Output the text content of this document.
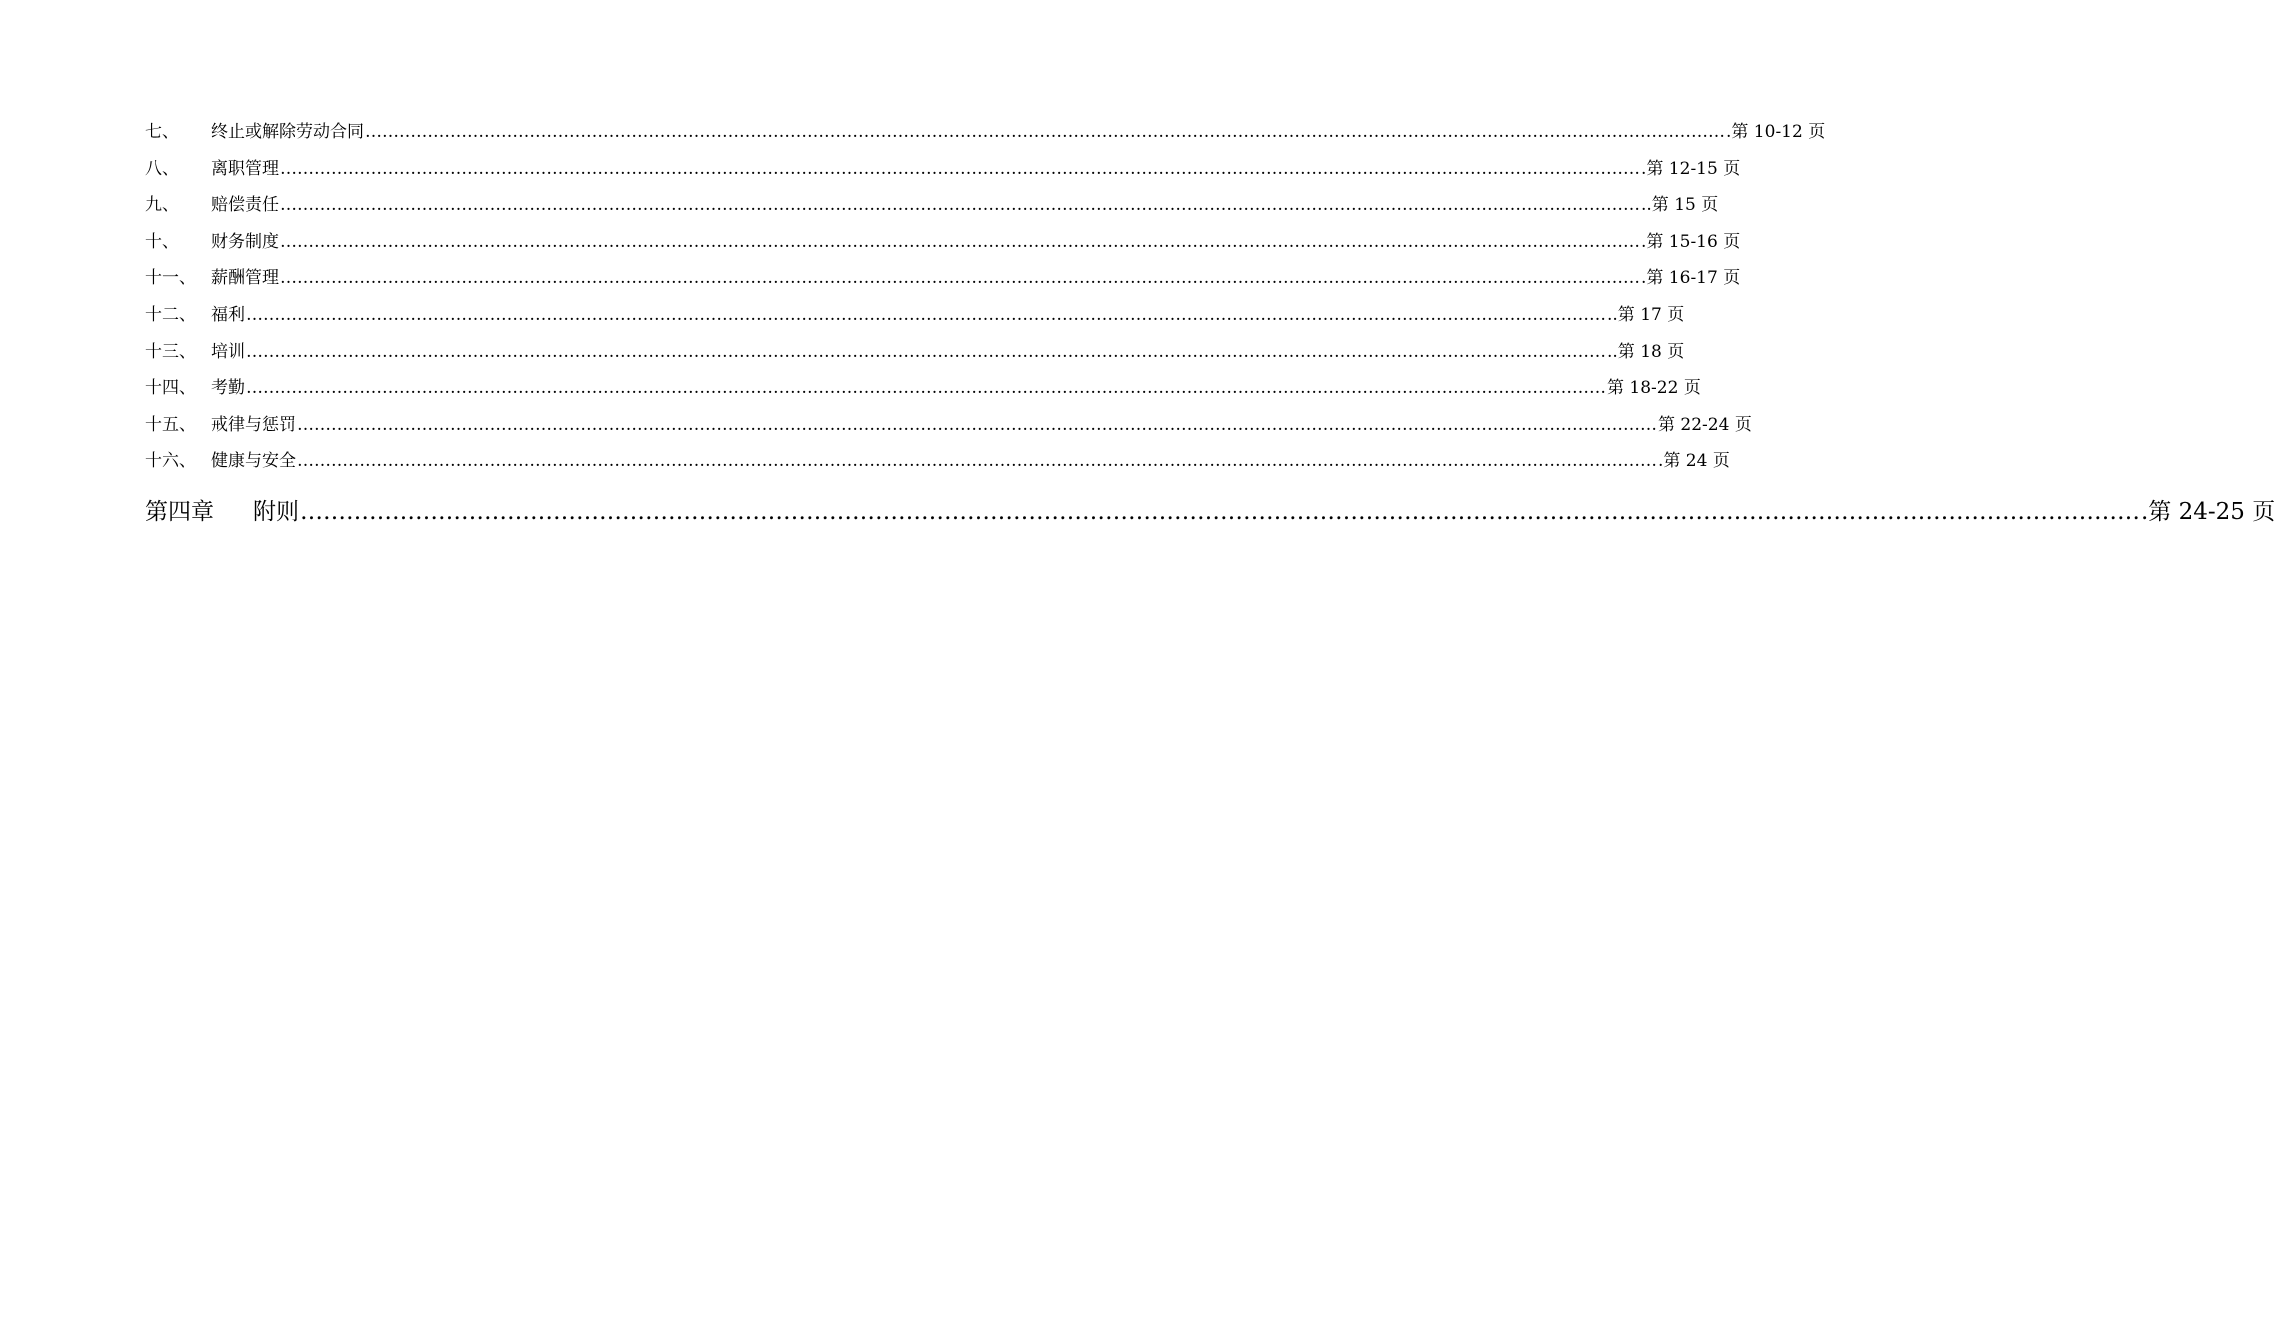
七、	终止或解除劳动合同 …………………………………………………………………………………………………………………………………………………………………………………………………………………… .第 10-12 页
八、	离职管理 …………………………………………………………………………………………………………………………………………………………………………………………………………………… .第 12-15 页
九、	赔偿责任 …………………………………………………………………………………………………………………………………………………………………………………………………………………… ..第 15 页
十、	财务制度 …………………………………………………………………………………………………………………………………………………………………………………………………………………… .第 15-16 页
十一、 薪酬管理 …………………………………………………………………………………………………………………………………………………………………………………………………………………… .第 16-17 页
十二、 福利 …………………………………………………………………………………………………………………………………………………………………………………………………………………… ..第 17 页
十三、 培训 …………………………………………………………………………………………………………………………………………………………………………………………………………………… ..第 18 页
十四、 考勤 …………………………………………………………………………………………………………………………………………………………………………………………………………………… 第 18-22 页
十五、 戒律与惩罚 …………………………………………………………………………………………………………………………………………………………………………………………………………………… 第 22-24 页
十六、 健康与安全 …………………………………………………………………………………………………………………………………………………………………………………………………………………… .第 24 页
第四章	附则 …………………………………………………………………………………………………………………………………………………………………………………………………………………… .第 24-25 页
